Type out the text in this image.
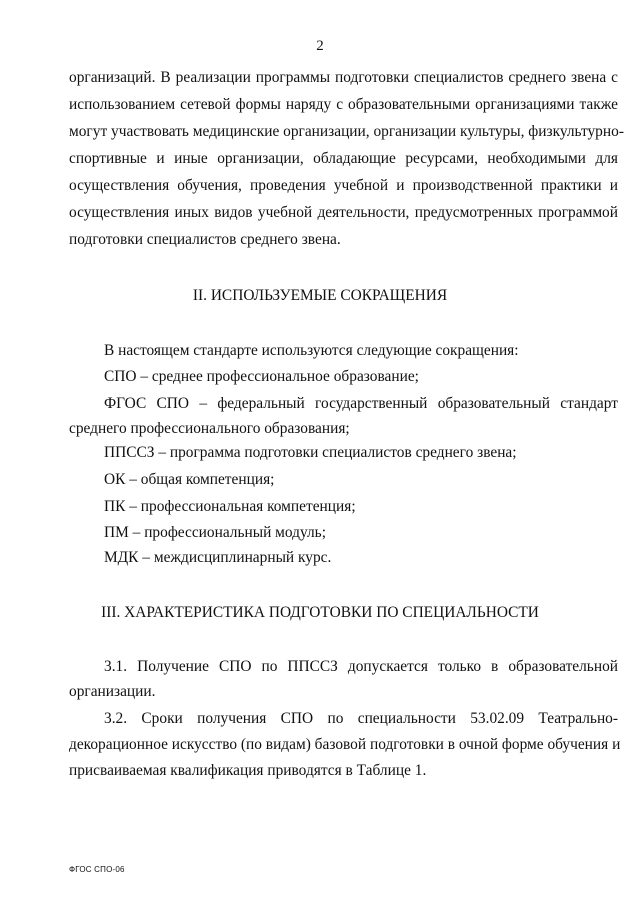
2
организаций. В реализации программы подготовки специалистов среднего звена с
использованием сетевой формы наряду с образовательными организациями также
могут участвовать медицинские организации, организации культуры, физкультурно-
спортивные и иные организации, обладающие ресурсами, необходимыми для
осуществления обучения, проведения учебной и производственной практики и
осуществления иных видов учебной деятельности, предусмотренных программой
подготовки специалистов среднего звена.
II. ИСПОЛЬЗУЕМЫЕ СОКРАЩЕНИЯ
В настоящем стандарте используются следующие сокращения:
СПО – среднее профессиональное образование;
ФГОС СПО – федеральный государственный образовательный стандарт
среднего профессионального образования;
ППССЗ – программа подготовки специалистов среднего звена;
ОК – общая компетенция;
ПК – профессиональная компетенция;
ПМ – профессиональный модуль;
МДК – междисциплинарный курс.
III. ХАРАКТЕРИСТИКА ПОДГОТОВКИ ПО СПЕЦИАЛЬНОСТИ
3.1. Получение СПО по ППССЗ допускается только в образовательной
организации.
3.2. Сроки получения СПО по специальности 53.02.09 Театрально-
декорационное искусство (по видам) базовой подготовки в очной форме обучения и
присваиваемая квалификация приводятся в Таблице 1.
ФГОС СПО-06
